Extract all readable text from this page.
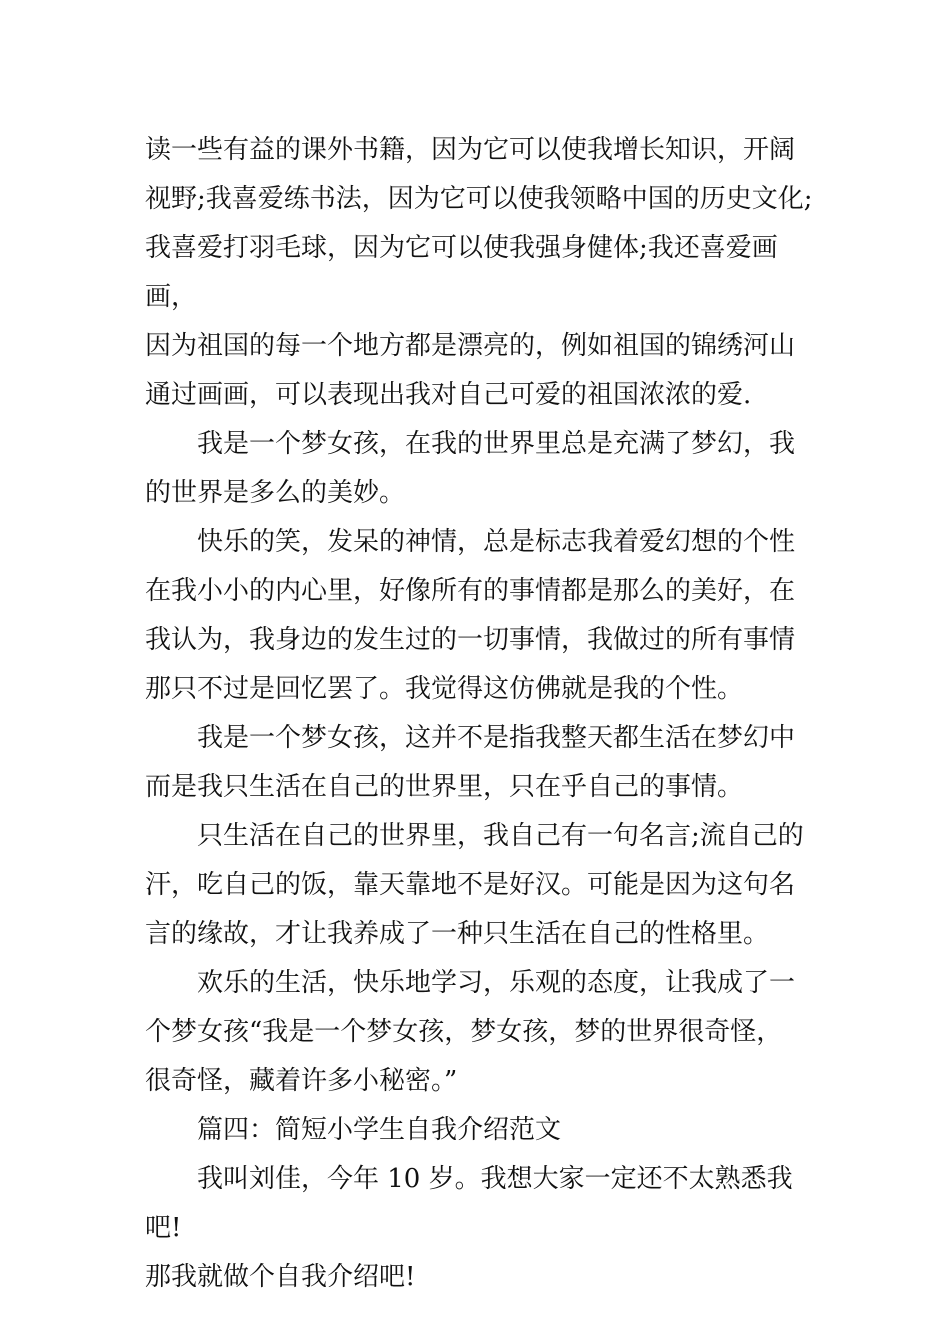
读一些有益的课外书籍，因为它可以使我增长知识，开阔
视野;我喜爱练书法，因为它可以使我领略中国的历史文化;
我喜爱打羽毛球，因为它可以使我强身健体;我还喜爱画画，
因为祖国的每一个地方都是漂亮的，例如祖国的锦绣河山
通过画画，可以表现出我对自己可爱的祖国浓浓的爱.

我是一个梦女孩，在我的世界里总是充满了梦幻，我
的世界是多么的美妙。

快乐的笑，发呆的神情，总是标志我着爱幻想的个性
在我小小的内心里，好像所有的事情都是那么的美好，在
我认为，我身边的发生过的一切事情，我做过的所有事情
那只不过是回忆罢了。我觉得这仿佛就是我的个性。

我是一个梦女孩，这并不是指我整天都生活在梦幻中
而是我只生活在自己的世界里，只在乎自己的事情。

只生活在自己的世界里，我自己有一句名言;流自己的
汗，吃自己的饭，靠天靠地不是好汉。可能是因为这句名
言的缘故，才让我养成了一种只生活在自己的性格里。

欢乐的生活，快乐地学习，乐观的态度，让我成了一
个梦女孩“我是一个梦女孩，梦女孩，梦的世界很奇怪，
很奇怪，藏着许多小秘密。”

篇四：简短小学生自我介绍范文

我叫刘佳，今年 10 岁。我想大家一定还不太熟悉我吧!
那我就做个自我介绍吧!
